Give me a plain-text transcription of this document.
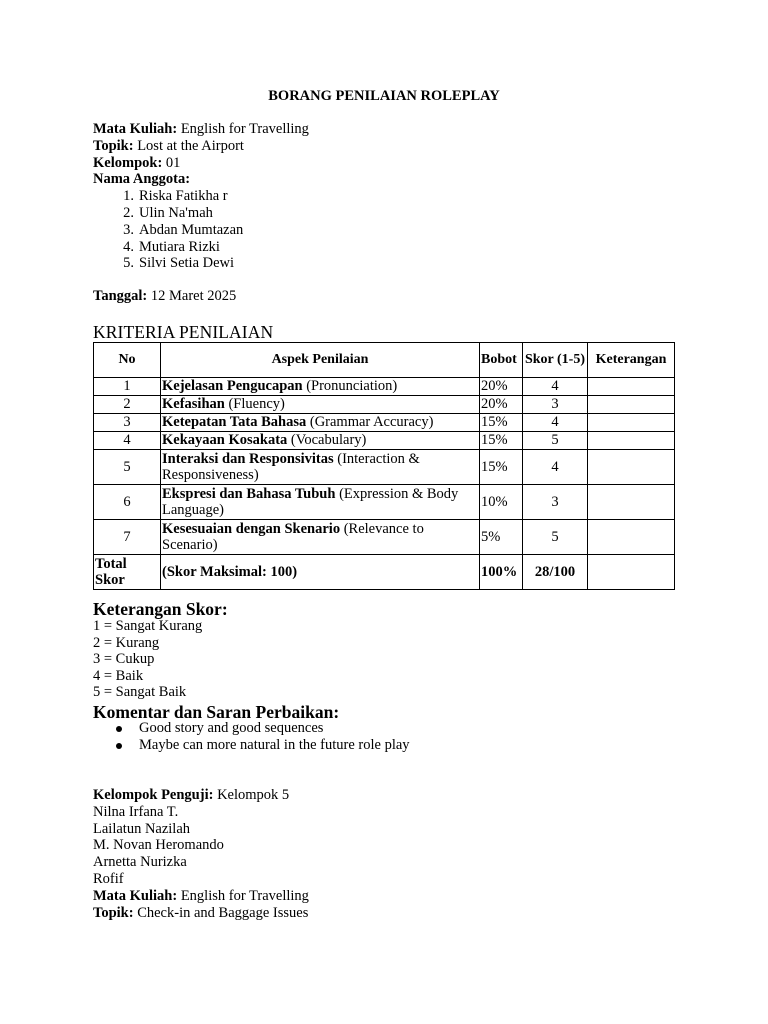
BORANG PENILAIAN ROLEPLAY
Mata Kuliah: English for Travelling
Topik: Lost at the Airport
Kelompok: 01
Nama Anggota:
1. Riska Fatikha r
2. Ulin Na'mah
3. Abdan Mumtazan
4. Mutiara Rizki
5. Silvi Setia Dewi
Tanggal: 12 Maret 2025
KRITERIA PENILAIAN
No	Aspek Penilaian	Bobot	Skor (1-5)	Keterangan
1	Kejelasan Pengucapan (Pronunciation)	20%	4	
2	Kefasihan (Fluency)	20%	3	
3	Ketepatan Tata Bahasa (Grammar Accuracy)	15%	4	
4	Kekayaan Kosakata (Vocabulary)	15%	5	
5	Interaksi dan Responsivitas (Interaction & Responsiveness)	15%	4	
6	Ekspresi dan Bahasa Tubuh (Expression & Body Language)	10%	3	
7	Kesesuaian dengan Skenario (Relevance to Scenario)	5%	5	
Total Skor	(Skor Maksimal: 100)	100%	28/100	
Keterangan Skor:
1 = Sangat Kurang
2 = Kurang
3 = Cukup
4 = Baik
5 = Sangat Baik
Komentar dan Saran Perbaikan:
Good story and good sequences
Maybe can more natural in the future role play
Kelompok Penguji: Kelompok 5
Nilna Irfana T.
Lailatun Nazilah
M. Novan Heromando
Arnetta Nurizka
Rofif
Mata Kuliah: English for Travelling
Topik: Check-in and Baggage Issues
